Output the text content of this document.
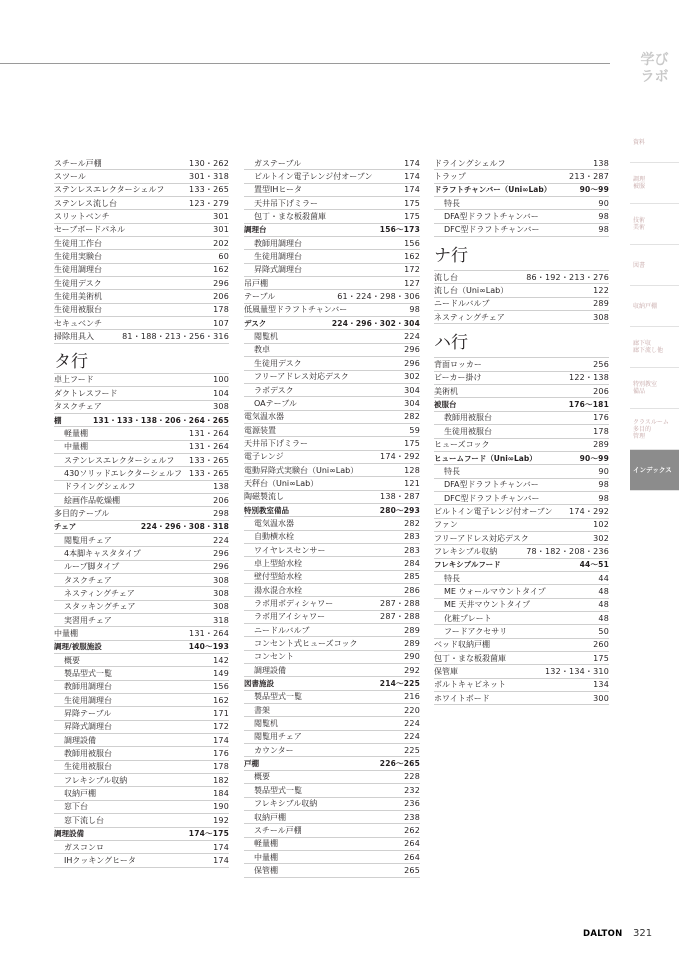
学び
ラボ
資料
調理
被服
技術
美術
図書
収納戸棚
廊下収
廊下流し他
特別教室
備品
クラスルーム
多目的
管理
インデックス
スチール戸棚	130・262
スツール	301・318
ステンレスエレクターシェルフ	133・265
ステンレス流し台	123・279
スリットベンチ	301
セーブボードパネル	301
生徒用工作台	202
生徒用実験台	60
生徒用調理台	162
生徒用デスク	296
生徒用美術机	206
生徒用被服台	178
セキュベンチ	107
掃除用具入	81・188・213・256・316
タ行
卓上フード	100
ダクトレスフード	104
タスクチェア	308
棚	131・133・138・206・264・265
軽量棚	131・264
中量棚	131・264
ステンレスエレクターシェルフ 133・265
430ソリッドエレクターシェルフ 133・265
ドライングシェルフ	138
絵画作品乾燥棚	206
多目的テーブル	298
チェア	224・296・308・318
閲覧用チェア	224
4本脚キャスタタイプ	296
ループ脚タイプ	296
タスクチェア	308
ネスティングチェア	308
スタッキングチェア	308
実習用チェア	318
中量棚	131・264
調理/被服施設	140〜193
概要	142
製品型式一覧	149
教師用調理台	156
生徒用調理台	162
昇降テーブル	171
昇降式調理台	172
調理設備	174
教師用被服台	176
生徒用被服台	178
フレキシブル収納	182
収納戸棚	184
窓下台	190
窓下流し台	192
調理設備	174〜175
ガスコンロ	174
IHクッキングヒータ	174
ガステーブル	174
ビルトイン電子レンジ付オーブン	174
置型IHヒータ	174
天井吊下げミラー	175
包丁・まな板殺菌庫	175
調理台	156〜173
教師用調理台	156
生徒用調理台	162
昇降式調理台	172
吊戸棚	127
テーブル	61・224・298・306
低風量型ドラフトチャンバー	98
デスク	224・296・302・304
閲覧机	224
教卓	296
生徒用デスク	296
フリーアドレス対応デスク	302
ラボデスク	304
OAテーブル	304
電気温水器	282
電源装置	59
天井吊下げミラー	175
電子レンジ	174・292
電動昇降式実験台（Uni∞Lab）	128
天秤台（Uni∞Lab）	121
陶磁製流し	138・287
特別教室備品	280〜293
電気温水器	282
自動横水栓	283
ワイヤレスセンサー	283
卓上型給水栓	284
壁付型給水栓	285
湯水混合水栓	286
ラボ用ボディシャワー	287・288
ラボ用アイシャワー	287・288
ニードルバルブ	289
コンセント式ヒューズコック	289
コンセント	290
調理設備	292
図書施設	214〜225
製品型式一覧	216
書架	220
閲覧机	224
閲覧用チェア	224
カウンター	225
戸棚	226〜265
概要	228
製品型式一覧	232
フレキシブル収納	236
収納戸棚	238
スチール戸棚	262
軽量棚	264
中量棚	264
保管棚	265
ドライングシェルフ	138
トラップ	213・287
ドラフトチャンバー（Uni∞Lab）	90〜99
特長	90
DFA型ドラフトチャンバー	98
DFC型ドラフトチャンバー	98
ナ行
流し台	86・192・213・276
流し台（Uni∞Lab）	122
ニードルバルブ	289
ネスティングチェア	308
ハ行
背面ロッカー	256
ビーカー掛け	122・138
美術机	206
被服台	176〜181
教師用被服台	176
生徒用被服台	178
ヒューズコック	289
ヒュームフード（Uni∞Lab）	90〜99
特長	90
DFA型ドラフトチャンバー	98
DFC型ドラフトチャンバー	98
ビルトイン電子レンジ付オーブン 174・292
ファン	102
フリーアドレス対応デスク	302
フレキシブル収納	78・182・208・236
フレキシブルフード	44〜51
特長	44
ME ウォールマウントタイプ	48
ME 天井マウントタイプ	48
化粧プレート	48
フードアクセサリ	50
ベッド収納戸棚	260
包丁・まな板殺菌庫	175
保管庫	132・134・310
ボルトキャビネット	134
ホワイトボード	300
DALTON 321
